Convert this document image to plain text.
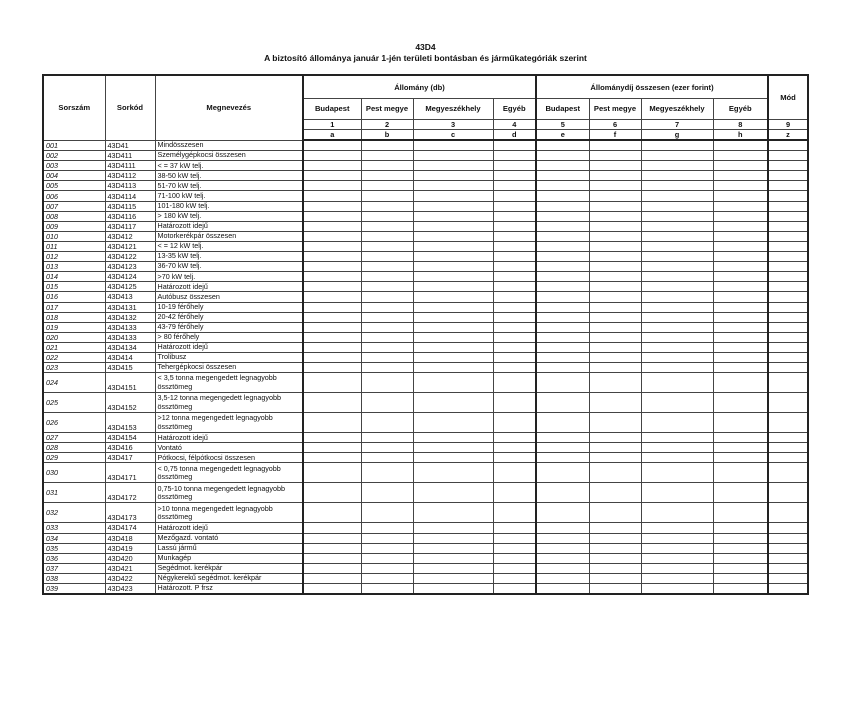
43D4
A biztosító állománya január 1-jén területi bontásban és járműkategóriák szerint
Sorszám	Sorkód	Megnevezés	Állomány (db)				Állománydíj összesen (ezer forint)				Mód
			Budapest	Pest megye	Megyeszékhely	Egyéb	Budapest	Pest megye	Megyeszékhely	Egyéb	
			1	2	3	4	5	6	7	8	9
			a	b	c	d	e	f	g	h	z
001	43D41	Mindösszesen									
002	43D411	Személygépkocsi összesen									
003	43D4111	< = 37 kW telj.									
004	43D4112	38-50 kW telj.									
005	43D4113	51-70 kW telj.									
006	43D4114	71-100 kW telj.									
007	43D4115	101-180 kW telj.									
008	43D4116	> 180 kW telj.									
009	43D4117	Határozott idejű									
010	43D412	Motorkerékpár összesen									
011	43D4121	< = 12 kW telj.									
012	43D4122	13-35 kW telj.									
013	43D4123	36-70 kW telj.									
014	43D4124	>70 kW telj.									
015	43D4125	Határozott idejű									
016	43D413	Autóbusz összesen									
017	43D4131	10-19 férőhely									
018	43D4132	20-42 férőhely									
019	43D4133	43-79 férőhely									
020	43D4133	> 80 férőhely									
021	43D4134	Határozott idejű									
022	43D414	Trolibusz									
023	43D415	Tehergépkocsi összesen									
024	43D4151	< 3,5 tonna megengedett legnagyobb össztömeg									
025	43D4152	3,5-12 tonna megengedett legnagyobb össztömeg									
026	43D4153	>12 tonna megengedett legnagyobb össztömeg									
027	43D4154	Határozott idejű									
028	43D416	Vontató									
029	43D417	Pótkocsi, félpótkocsi összesen									
030	43D4171	< 0,75 tonna megengedett legnagyobb össztömeg									
031	43D4172	0,75-10 tonna megengedett legnagyobb össztömeg									
032	43D4173	>10 tonna megengedett legnagyobb össztömeg									
033	43D4174	Határozott idejű									
034	43D418	Mezőgazd. vontató									
035	43D419	Lassú jármű									
036	43D420	Munkagép									
037	43D421	Segédmot. kerékpár									
038	43D422	Négykerekű segédmot. kerékpár									
039	43D423	Határozott. P frsz									
